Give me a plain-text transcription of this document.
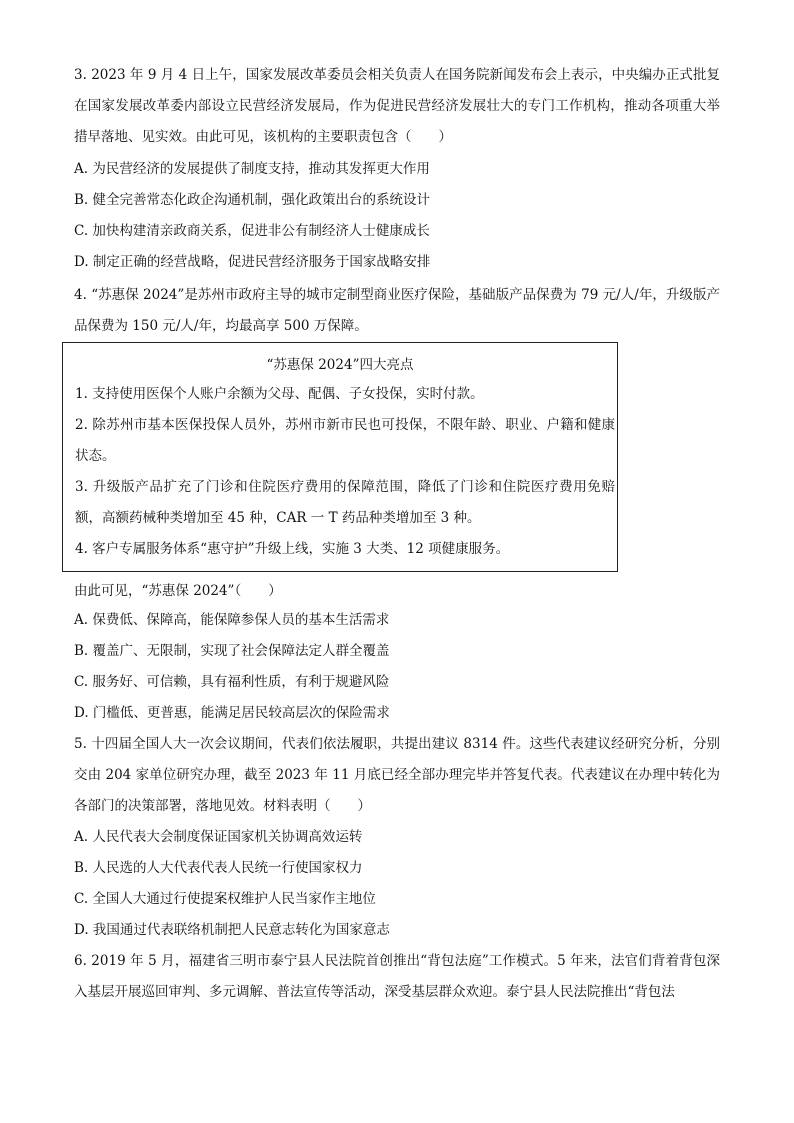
3. 2023 年 9 月 4 日上午，国家发展改革委员会相关负责人在国务院新闻发布会上表示，中央编办正式批复在国家发展改革委内部设立民营经济发展局，作为促进民营经济发展壮大的专门工作机构，推动各项重大举措早落地、见实效。由此可见，该机构的主要职责包含（　　）

A. 为民营经济的发展提供了制度支持，推动其发挥更大作用

B. 健全完善常态化政企沟通机制，强化政策出台的系统设计

C. 加快构建清亲政商关系，促进非公有制经济人士健康成长

D. 制定正确的经营战略，促进民营经济服务于国家战略安排

4. “苏惠保 2024”是苏州市政府主导的城市定制型商业医疗保险，基础版产品保费为 79 元/人/年，升级版产品保费为 150 元/人/年，均最高享 500 万保障。

“苏惠保 2024”四大亮点

1. 支持使用医保个人账户余额为父母、配偶、子女投保，实时付款。

2. 除苏州市基本医保投保人员外，苏州市新市民也可投保，不限年龄、职业、户籍和健康状态。

3. 升级版产品扩充了门诊和住院医疗费用的保障范围，降低了门诊和住院医疗费用免赔额，高额药械种类增加至 45 种，CAR 一 T 药品种类增加至 3 种。

4. 客户专属服务体系“惠守护”升级上线，实施 3 大类、12 项健康服务。

由此可见，“苏惠保 2024”（　　）

A. 保费低、保障高，能保障参保人员的基本生活需求

B. 覆盖广、无限制，实现了社会保障法定人群全覆盖

C. 服务好、可信赖，具有福利性质，有利于规避风险

D. 门槛低、更普惠，能满足居民较高层次的保险需求

5. 十四届全国人大一次会议期间，代表们依法履职，共提出建议 8314 件。这些代表建议经研究分析，分别交由 204 家单位研究办理，截至 2023 年 11 月底已经全部办理完毕并答复代表。代表建议在办理中转化为各部门的决策部署，落地见效。材料表明（　　）

A. 人民代表大会制度保证国家机关协调高效运转

B. 人民选的人大代表代表人民统一行使国家权力

C. 全国人大通过行使提案权维护人民当家作主地位

D. 我国通过代表联络机制把人民意志转化为国家意志

6. 2019 年 5 月，福建省三明市泰宁县人民法院首创推出“背包法庭”工作模式。5 年来，法官们背着背包深入基层开展巡回审判、多元调解、普法宣传等活动，深受基层群众欢迎。泰宁县人民法院推出“背包法
